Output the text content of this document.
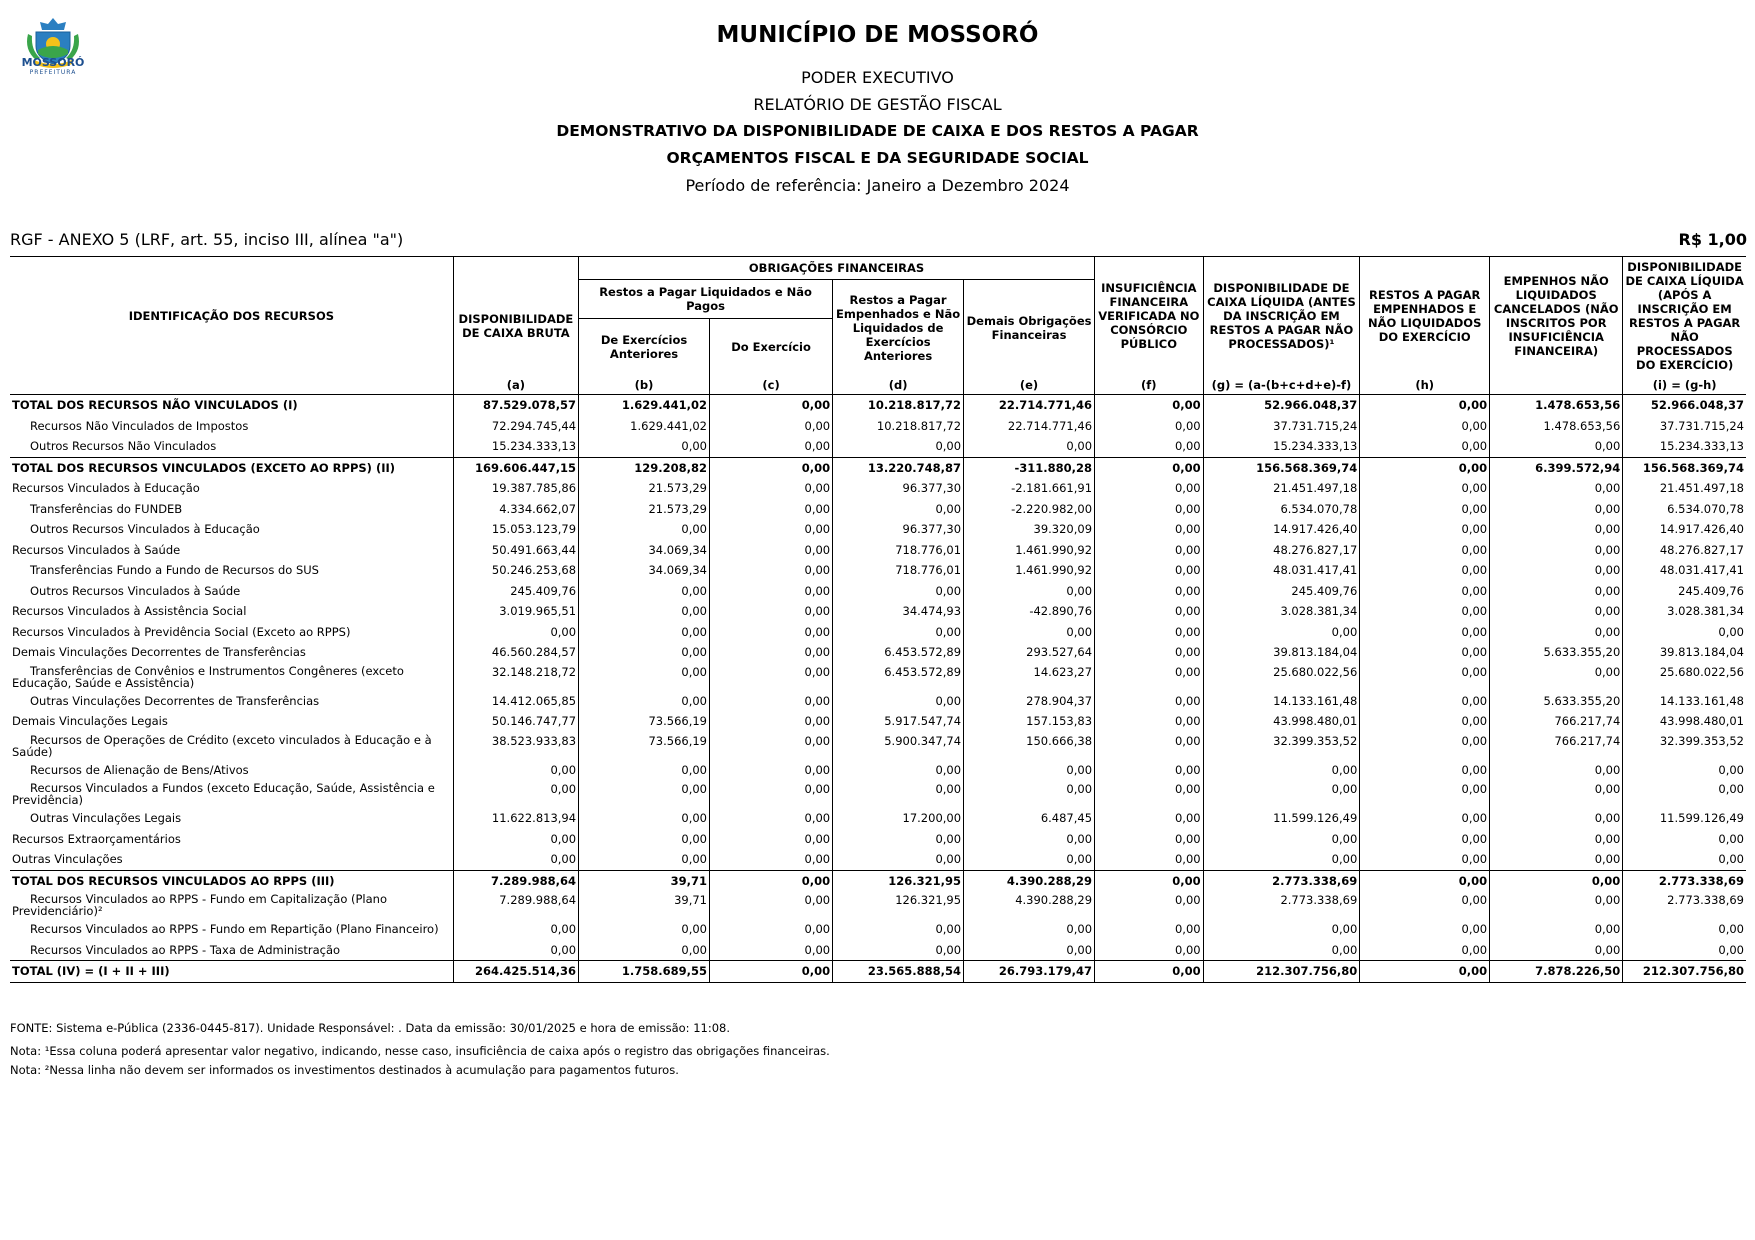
MOSSORÓ
PREFEITURA
MUNICÍPIO DE MOSSORÓ
PODER EXECUTIVO
RELATÓRIO DE GESTÃO FISCAL
DEMONSTRATIVO DA DISPONIBILIDADE DE CAIXA E DOS RESTOS A PAGAR
ORÇAMENTOS FISCAL E DA SEGURIDADE SOCIAL
Período de referência: Janeiro a Dezembro 2024
RGF - ANEXO 5 (LRF, art. 55, inciso III, alínea "a")	R$ 1,00
IDENTIFICAÇÃO DOS RECURSOS	DISPONIBILIDADE DE CAIXA BRUTA	OBRIGAÇÕES FINANCEIRAS				INSUFICIÊNCIA FINANCEIRA VERIFICADA NO CONSÓRCIO PÚBLICO	DISPONIBILIDADE DE CAIXA LÍQUIDA (ANTES DA INSCRIÇÃO EM RESTOS A PAGAR NÃO PROCESSADOS)¹	RESTOS A PAGAR EMPENHADOS E NÃO LIQUIDADOS DO EXERCÍCIO	EMPENHOS NÃO LIQUIDADOS CANCELADOS (NÃO INSCRITOS POR INSUFICIÊNCIA FINANCEIRA)	DISPONIBILIDADE DE CAIXA LÍQUIDA (APÓS A INSCRIÇÃO EM RESTOS A PAGAR NÃO PROCESSADOS DO EXERCÍCIO)
		Restos a Pagar Liquidados e Não Pagos		Restos a Pagar Empenhados e Não Liquidados de Exercícios Anteriores	Demais Obrigações Financeiras					
		De Exercícios Anteriores	Do Exercício							
	(a)	(b)	(c)	(d)	(e)	(f)	(g) = (a-(b+c+d+e)-f)	(h)		(i) = (g-h)
TOTAL DOS RECURSOS NÃO VINCULADOS (I)	87.529.078,57	1.629.441,02	0,00	10.218.817,72	22.714.771,46	0,00	52.966.048,37	0,00	1.478.653,56	52.966.048,37
Recursos Não Vinculados de Impostos	72.294.745,44	1.629.441,02	0,00	10.218.817,72	22.714.771,46	0,00	37.731.715,24	0,00	1.478.653,56	37.731.715,24
Outros Recursos Não Vinculados	15.234.333,13	0,00	0,00	0,00	0,00	0,00	15.234.333,13	0,00	0,00	15.234.333,13
TOTAL DOS RECURSOS VINCULADOS (EXCETO AO RPPS) (II)	169.606.447,15	129.208,82	0,00	13.220.748,87	-311.880,28	0,00	156.568.369,74	0,00	6.399.572,94	156.568.369,74
Recursos Vinculados à Educação	19.387.785,86	21.573,29	0,00	96.377,30	-2.181.661,91	0,00	21.451.497,18	0,00	0,00	21.451.497,18
Transferências do FUNDEB	4.334.662,07	21.573,29	0,00	0,00	-2.220.982,00	0,00	6.534.070,78	0,00	0,00	6.534.070,78
Outros Recursos Vinculados à Educação	15.053.123,79	0,00	0,00	96.377,30	39.320,09	0,00	14.917.426,40	0,00	0,00	14.917.426,40
Recursos Vinculados à Saúde	50.491.663,44	34.069,34	0,00	718.776,01	1.461.990,92	0,00	48.276.827,17	0,00	0,00	48.276.827,17
Transferências Fundo a Fundo de Recursos do SUS	50.246.253,68	34.069,34	0,00	718.776,01	1.461.990,92	0,00	48.031.417,41	0,00	0,00	48.031.417,41
Outros Recursos Vinculados à Saúde	245.409,76	0,00	0,00	0,00	0,00	0,00	245.409,76	0,00	0,00	245.409,76
Recursos Vinculados à Assistência Social	3.019.965,51	0,00	0,00	34.474,93	-42.890,76	0,00	3.028.381,34	0,00	0,00	3.028.381,34
Recursos Vinculados à Previdência Social (Exceto ao RPPS)	0,00	0,00	0,00	0,00	0,00	0,00	0,00	0,00	0,00	0,00
Demais Vinculações Decorrentes de Transferências	46.560.284,57	0,00	0,00	6.453.572,89	293.527,64	0,00	39.813.184,04	0,00	5.633.355,20	39.813.184,04
Transferências de Convênios e Instrumentos Congêneres (exceto Educação, Saúde e Assistência)	32.148.218,72	0,00	0,00	6.453.572,89	14.623,27	0,00	25.680.022,56	0,00	0,00	25.680.022,56
Outras Vinculações Decorrentes de Transferências	14.412.065,85	0,00	0,00	0,00	278.904,37	0,00	14.133.161,48	0,00	5.633.355,20	14.133.161,48
Demais Vinculações Legais	50.146.747,77	73.566,19	0,00	5.917.547,74	157.153,83	0,00	43.998.480,01	0,00	766.217,74	43.998.480,01
Recursos de Operações de Crédito (exceto vinculados à Educação e à Saúde)	38.523.933,83	73.566,19	0,00	5.900.347,74	150.666,38	0,00	32.399.353,52	0,00	766.217,74	32.399.353,52
Recursos de Alienação de Bens/Ativos	0,00	0,00	0,00	0,00	0,00	0,00	0,00	0,00	0,00	0,00
Recursos Vinculados a Fundos (exceto Educação, Saúde, Assistência e Previdência)	0,00	0,00	0,00	0,00	0,00	0,00	0,00	0,00	0,00	0,00
Outras Vinculações Legais	11.622.813,94	0,00	0,00	17.200,00	6.487,45	0,00	11.599.126,49	0,00	0,00	11.599.126,49
Recursos Extraorçamentários	0,00	0,00	0,00	0,00	0,00	0,00	0,00	0,00	0,00	0,00
Outras Vinculações	0,00	0,00	0,00	0,00	0,00	0,00	0,00	0,00	0,00	0,00
TOTAL DOS RECURSOS VINCULADOS AO RPPS (III)	7.289.988,64	39,71	0,00	126.321,95	4.390.288,29	0,00	2.773.338,69	0,00	0,00	2.773.338,69
Recursos Vinculados ao RPPS - Fundo em Capitalização (Plano Previdenciário)²	7.289.988,64	39,71	0,00	126.321,95	4.390.288,29	0,00	2.773.338,69	0,00	0,00	2.773.338,69
Recursos Vinculados ao RPPS - Fundo em Repartição (Plano Financeiro)	0,00	0,00	0,00	0,00	0,00	0,00	0,00	0,00	0,00	0,00
Recursos Vinculados ao RPPS - Taxa de Administração	0,00	0,00	0,00	0,00	0,00	0,00	0,00	0,00	0,00	0,00
TOTAL (IV) = (I + II + III)	264.425.514,36	1.758.689,55	0,00	23.565.888,54	26.793.179,47	0,00	212.307.756,80	0,00	7.878.226,50	212.307.756,80
FONTE: Sistema e-Pública (2336-0445-817). Unidade Responsável: . Data da emissão: 30/01/2025 e hora de emissão: 11:08.
Nota: ¹Essa coluna poderá apresentar valor negativo, indicando, nesse caso, insuficiência de caixa após o registro das obrigações financeiras.
Nota: ²Nessa linha não devem ser informados os investimentos destinados à acumulação para pagamentos futuros.
